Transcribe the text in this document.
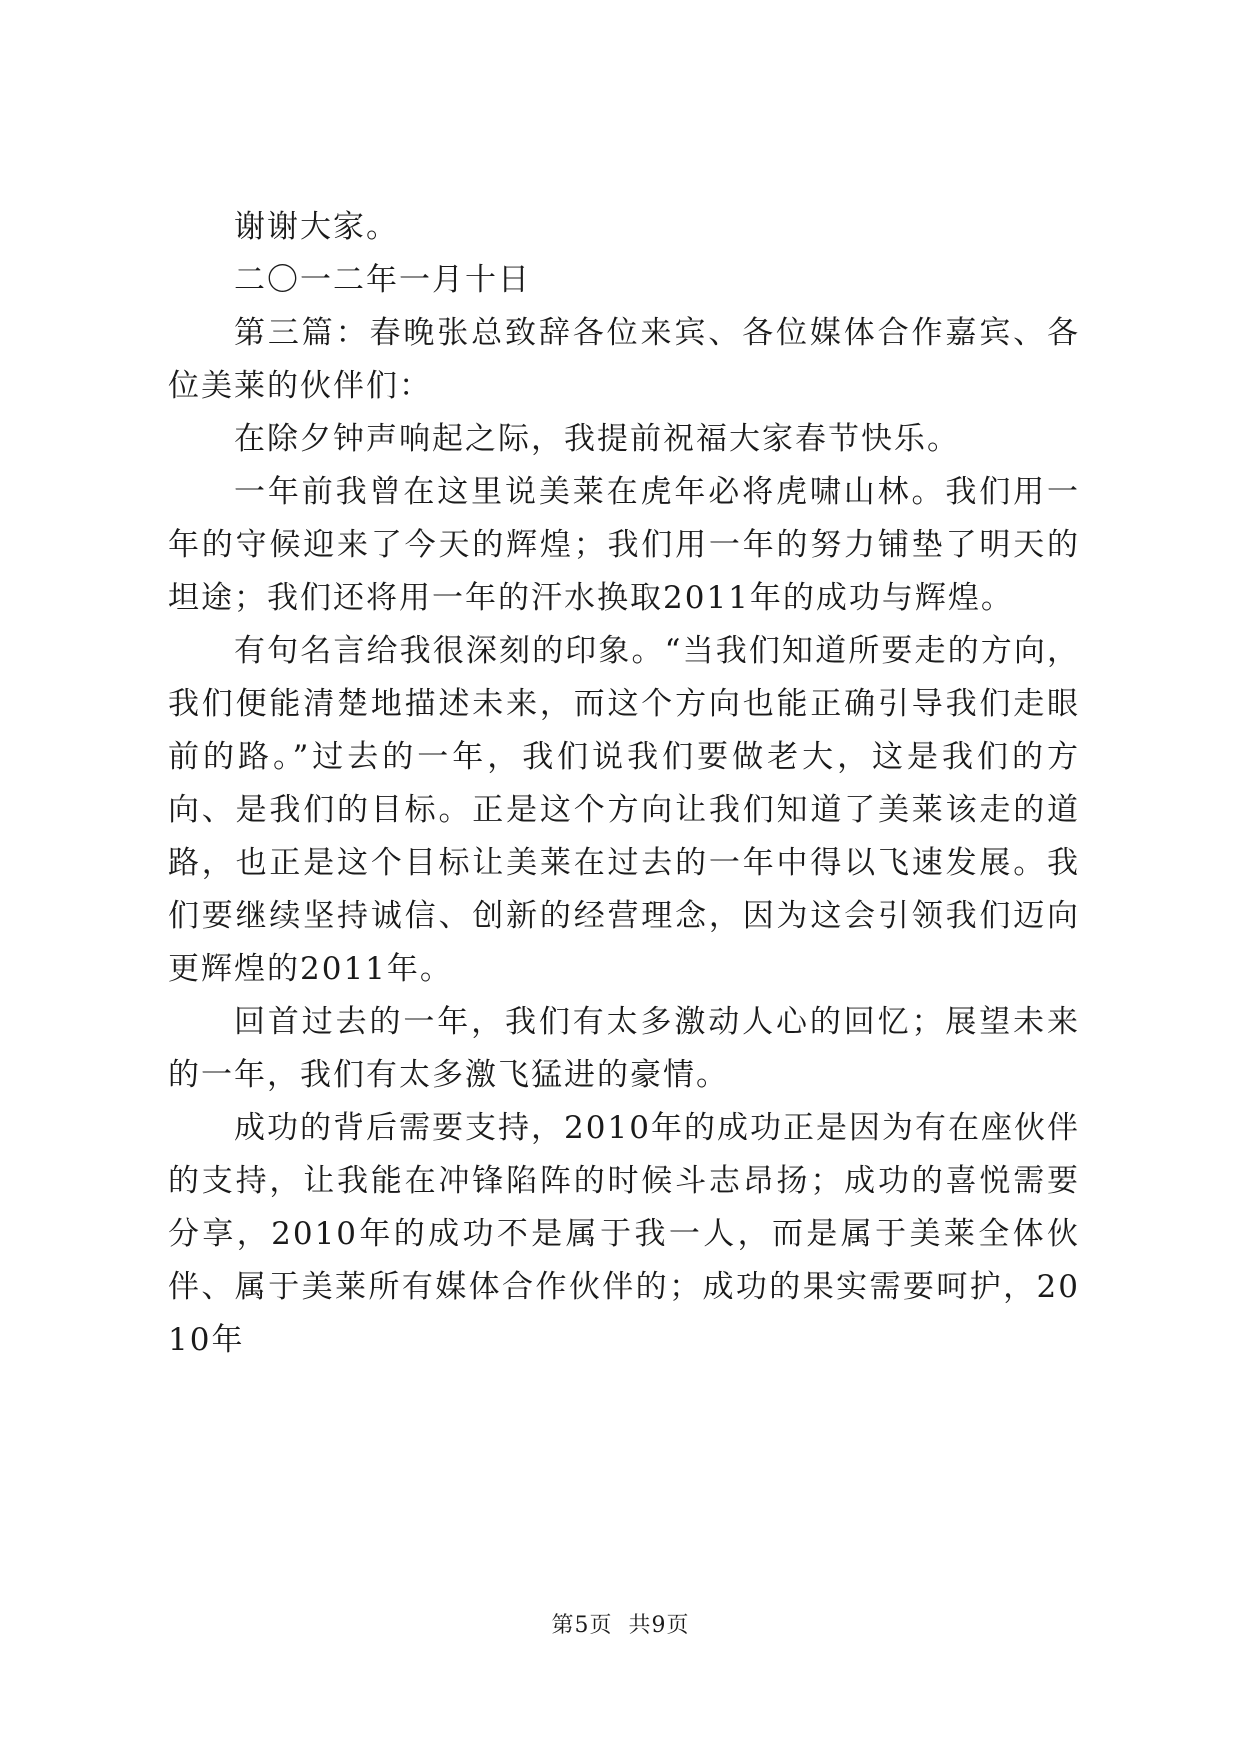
谢谢大家。

二〇一二年一月十日

第三篇：春晚张总致辞各位来宾、各位媒体合作嘉宾、各位美莱的伙伴们：

在除夕钟声响起之际，我提前祝福大家春节快乐。

一年前我曾在这里说美莱在虎年必将虎啸山林。我们用一年的守候迎来了今天的辉煌；我们用一年的努力铺垫了明天的坦途；我们还将用一年的汗水换取2011年的成功与辉煌。

有句名言给我很深刻的印象。“当我们知道所要走的方向，我们便能清楚地描述未来，而这个方向也能正确引导我们走眼前的路。”过去的一年，我们说我们要做老大，这是我们的方向、是我们的目标。正是这个方向让我们知道了美莱该走的道路，也正是这个目标让美莱在过去的一年中得以飞速发展。我们要继续坚持诚信、创新的经营理念，因为这会引领我们迈向更辉煌的2011年。

回首过去的一年，我们有太多激动人心的回忆；展望未来的一年，我们有太多激飞猛进的豪情。

成功的背后需要支持，2010年的成功正是因为有在座伙伴的支持，让我能在冲锋陷阵的时候斗志昂扬；成功的喜悦需要分享，2010年的成功不是属于我一人，而是属于美莱全体伙伴、属于美莱所有媒体合作伙伴的；成功的果实需要呵护，2010年

第5页 共9页
